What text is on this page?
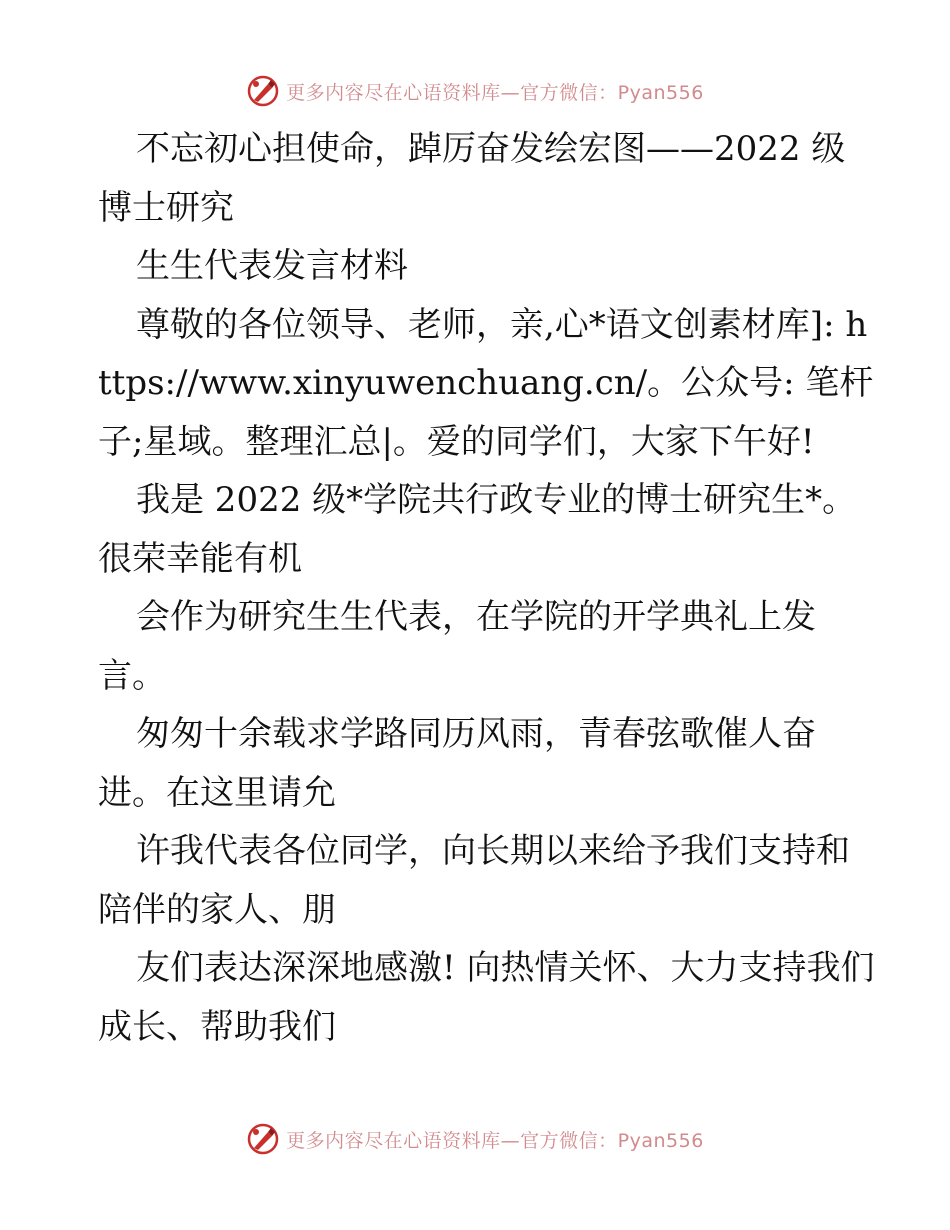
更多内容尽在心语资料库—官方微信：Pyan556

不忘初心担使命，踔厉奋发绘宏图——2022 级博士研究

生生代表发言材料

尊敬的各位领导、老师，亲,心*语文创素材库]: https://www.xinyuwenchuang.cn/。公众号: 笔杆子;星域。整理汇总|。爱的同学们，大家下午好!

我是 2022 级*学院共行政专业的博士研究生*。很荣幸能有机

会作为研究生生代表，在学院的开学典礼上发言。

匆匆十余载求学路同历风雨，青春弦歌催人奋进。在这里请允

许我代表各位同学，向长期以来给予我们支持和陪伴的家人、朋

友们表达深深地感激! 向热情关怀、大力支持我们成长、帮助我们

更多内容尽在心语资料库—官方微信：Pyan556
